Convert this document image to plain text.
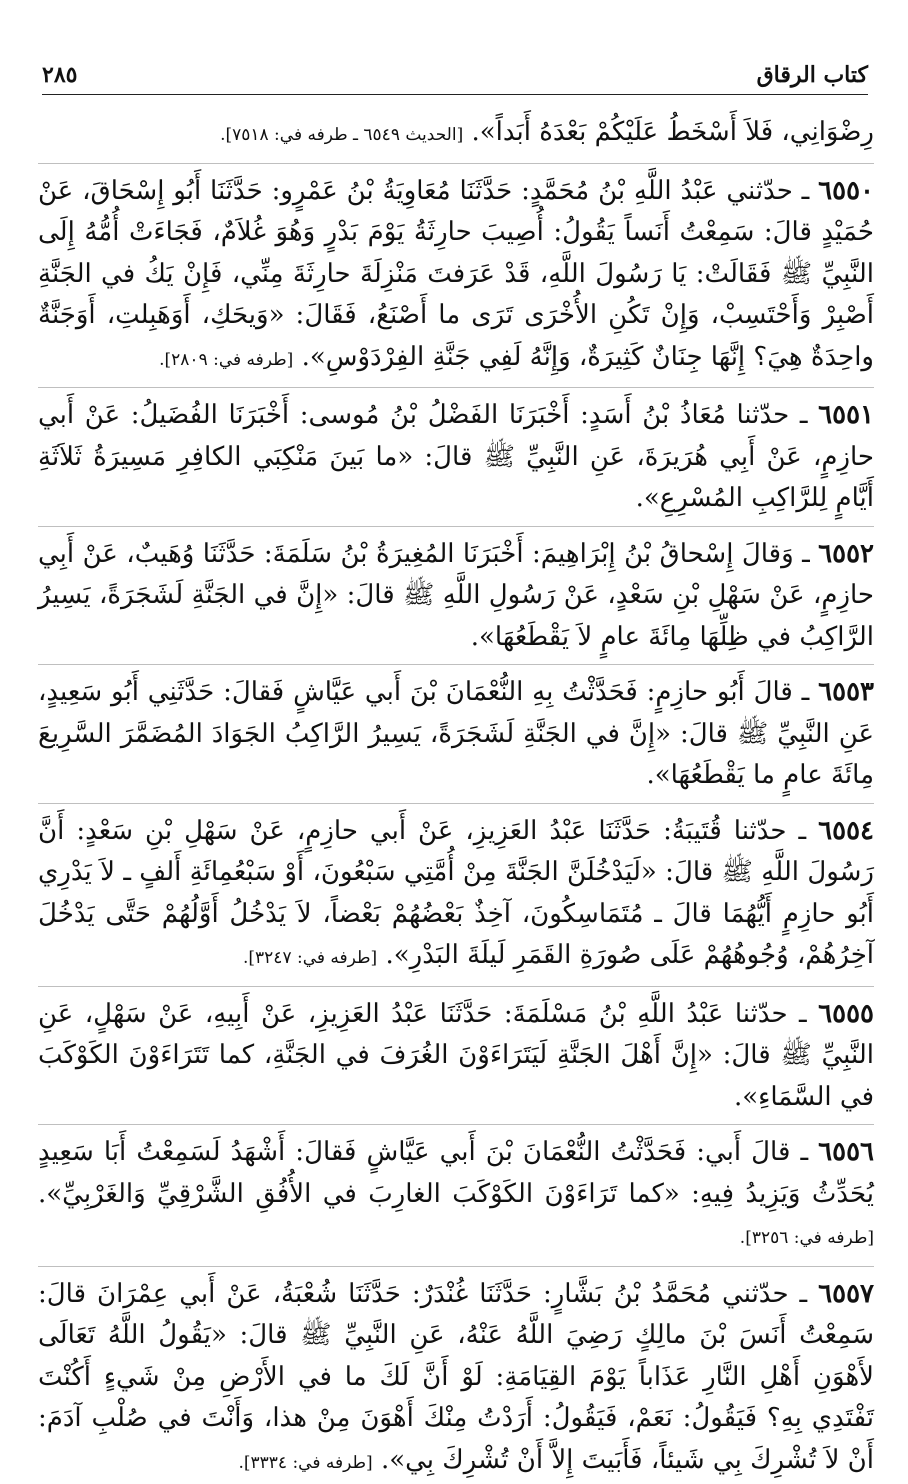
كتاب الرقاق
٢٨٥

رِضْوَانِي، فَلاَ أَسْخَطُ عَلَيْكُمْ بَعْدَهُ أَبَداً». [الحديث ٦٥٤٩ ـ طرفه في: ٧٥١٨].

٦٥٥٠ ـ حدّثني عَبْدُ اللَّهِ بْنُ مُحَمَّدٍ: حَدَّثَنَا مُعَاوِيَةُ بْنُ عَمْرٍو: حَدَّثَنَا أَبُو إِسْحَاقَ، عَنْ حُمَيْدٍ قالَ: سَمِعْتُ أَنَساً يَقُولُ: أُصِيبَ حارِثَةُ يَوْمَ بَدْرٍ وَهُوَ غُلاَمٌ، فَجَاءَتْ أُمُّهُ إِلَى النَّبِيِّ ﷺ فَقَالَتْ: يَا رَسُولَ اللَّهِ، قَدْ عَرَفتَ مَنْزِلَةَ حارِثَةَ مِنِّي، فَإِنْ يَكُ في الجَنَّةِ أَصْبِرْ وَأَحْتَسِبْ، وَإِنْ تَكُنِ الأُخْرَى تَرَى ما أَصْنَعُ، فَقَالَ: «وَيحَكِ، أَوَهَبِلتِ، أَوَجَنَّةٌ واحِدَةٌ هِيَ؟ إِنَّهَا جِنَانٌ كَثِيرَةٌ، وَإِنَّهُ لَفِي جَنَّةِ الفِرْدَوْسِ». [طرفه في: ٢٨٠٩].

٦٥٥١ ـ حدّثنا مُعَاذُ بْنُ أَسَدٍ: أَخْبَرَنَا الفَضْلُ بْنُ مُوسى: أَخْبَرَنَا الفُضَيلُ: عَنْ أَبي حازِمٍ، عَنْ أَبِي هُرَيرَةَ، عَنِ النَّبِيِّ ﷺ قالَ: «ما بَينَ مَنْكِبَي الكافِرِ مَسِيرَةُ ثَلاَثَةِ أَيَّامٍ لِلرَّاكِبِ المُسْرِعِ».

٦٥٥٢ ـ وَقالَ إِسْحاقُ بْنُ إِبْرَاهِيمَ: أَخْبَرَنَا المُغِيرَةُ بْنُ سَلَمَةَ: حَدَّثَنَا وُهَيبٌ، عَنْ أَبِي حازِمٍ، عَنْ سَهْلِ بْنِ سَعْدٍ، عَنْ رَسُولِ اللَّهِ ﷺ قالَ: «إِنَّ في الجَنَّةِ لَشَجَرَةً، يَسِيرُ الرَّاكِبُ في ظِلِّهَا مِائَةَ عامٍ لاَ يَقْطَعُهَا».

٦٥٥٣ ـ قالَ أَبُو حازِمٍ: فَحَدَّثْتُ بِهِ النُّعْمَانَ بْنَ أَبي عَيَّاشٍ فَقالَ: حَدَّثَنِي أَبُو سَعِيدٍ، عَنِ النَّبِيِّ ﷺ قالَ: «إِنَّ في الجَنَّةِ لَشَجَرَةً، يَسِيرُ الرَّاكِبُ الجَوَادَ المُضَمَّرَ السَّرِيعَ مِائَةَ عامٍ ما يَقْطَعُهَا».

٦٥٥٤ ـ حدّثنا قُتَيبَةُ: حَدَّثَنَا عَبْدُ العَزِيزِ، عَنْ أَبي حازِمٍ، عَنْ سَهْلِ بْنِ سَعْدٍ: أَنَّ رَسُولَ اللَّهِ ﷺ قالَ: «لَيَدْخُلَنَّ الجَنَّةَ مِنْ أُمَّتِي سَبْعُونَ، أَوْ سَبْعُمِائَةِ أَلفٍ ـ لاَ يَدْرِي أَبُو حازِمٍ أَيُّهُمَا قالَ ـ مُتَمَاسِكُونَ، آخِذٌ بَعْضُهُمْ بَعْضاً، لاَ يَدْخُلُ أَوَّلُهُمْ حَتَّى يَدْخُلَ آخِرُهُمْ، وُجُوهُهُمْ عَلَى صُورَةِ القَمَرِ لَيلَةَ البَدْرِ». [طرفه في: ٣٢٤٧].

٦٥٥٥ ـ حدّثنا عَبْدُ اللَّهِ بْنُ مَسْلَمَةَ: حَدَّثَنَا عَبْدُ العَزِيزِ، عَنْ أَبِيهِ، عَنْ سَهْلٍ، عَنِ النَّبِيِّ ﷺ قالَ: «إِنَّ أَهْلَ الجَنَّةِ لَيَتَرَاءَوْنَ الغُرَفَ في الجَنَّةِ، كما تَتَرَاءَوْنَ الكَوْكَبَ في السَّمَاءِ».

٦٥٥٦ ـ قالَ أَبي: فَحَدَّثْتُ النُّعْمَانَ بْنَ أَبي عَيَّاشٍ فَقالَ: أَشْهَدُ لَسَمِعْتُ أَبَا سَعِيدٍ يُحَدِّثُ وَيَزِيدُ فِيهِ: «كما تَرَاءَوْنَ الكَوْكَبَ الغارِبَ في الأُفُقِ الشَّرْقِيِّ وَالغَرْبِيِّ». [طرفه في: ٣٢٥٦].

٦٥٥٧ ـ حدّثني مُحَمَّدُ بْنُ بَشَّارٍ: حَدَّثَنَا غُنْدَرٌ: حَدَّثَنَا شُعْبَةُ، عَنْ أَبي عِمْرَانَ قالَ: سَمِعْتُ أَنَسَ بْنَ مالِكٍ رَضِيَ اللَّهُ عَنْهُ، عَنِ النَّبِيِّ ﷺ قالَ: «يَقُولُ اللَّهُ تَعَالَى لأَهْوَنِ أَهْلِ النَّارِ عَذَاباً يَوْمَ القِيَامَةِ: لَوْ أَنَّ لَكَ ما في الأَرْضِ مِنْ شَيءٍ أَكُنْتَ تَفْتَدِي بِهِ؟ فَيَقُولُ: نَعَمْ، فَيَقُولُ: أَرَدْتُ مِنْكَ أَهْوَنَ مِنْ هذا، وَأَنْتَ في صُلْبِ آدَمَ: أَنْ لاَ تُشْرِكَ بِي شَيئاً، فَأَبَيتَ إِلاَّ أَنْ تُشْرِكَ بِي». [طرفه في: ٣٣٣٤].
